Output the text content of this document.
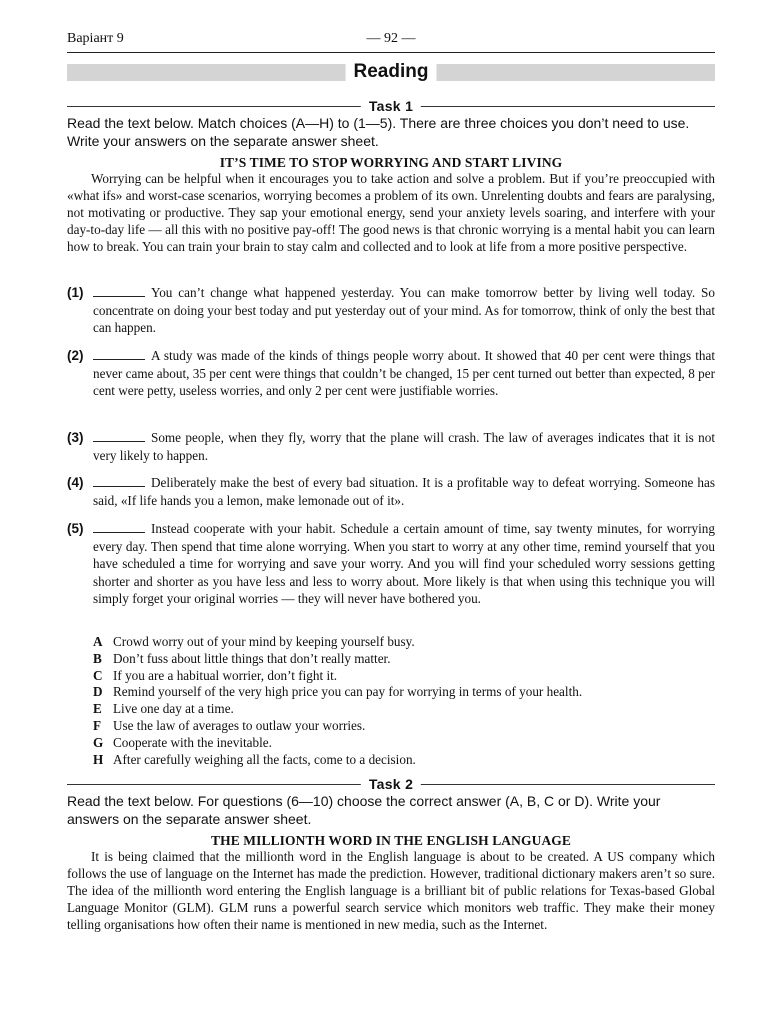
Варіант 9	— 92 —
Reading
Task 1
Read the text below. Match choices (A—H) to (1—5). There are three choices you don’t need to use. Write your answers on the separate answer sheet.
IT’S TIME TO STOP WORRYING AND START LIVING
Worrying can be helpful when it encourages you to take action and solve a problem. But if you’re preoccupied with «what ifs» and worst-case scenarios, worrying becomes a problem of its own. Unrelenting doubts and fears are paralysing, not motivating or productive. They sap your emotional energy, send your anxiety levels soaring, and interfere with your day-to-day life — all this with no positive pay-off! The good news is that chronic worrying is a mental habit you can learn how to break. You can train your brain to stay calm and collected and to look at life from a more positive perspective.
(1)	You can’t change what happened yesterday. You can make tomorrow better by living well today. So concentrate on doing your best today and put yesterday out of your mind. As for tomorrow, think of only the best that can happen.
(2)	A study was made of the kinds of things people worry about. It showed that 40 per cent were things that never came about, 35 per cent were things that couldn’t be changed, 15 per cent turned out better than expected, 8 per cent were petty, useless worries, and only 2 per cent were justifiable worries.
(3)	Some people, when they fly, worry that the plane will crash. The law of averages indicates that it is not very likely to happen.
(4)	Deliberately make the best of every bad situation. It is a profitable way to defeat worrying. Someone has said, «If life hands you a lemon, make lemonade out of it».
(5)	Instead cooperate with your habit. Schedule a certain amount of time, say twenty minutes, for worrying every day. Then spend that time alone worrying. When you start to worry at any other time, remind yourself that you have scheduled a time for worrying and save your worry. And you will find your scheduled worry sessions getting shorter and shorter as you have less and less to worry about. More likely is that when using this technique you will simply forget your original worries — they will never have bothered you.
A Crowd worry out of your mind by keeping yourself busy.
B Don’t fuss about little things that don’t really matter.
C If you are a habitual worrier, don’t fight it.
D Remind yourself of the very high price you can pay for worrying in terms of your health.
E Live one day at a time.
F Use the law of averages to outlaw your worries.
G Cooperate with the inevitable.
H After carefully weighing all the facts, come to a decision.
Task 2
Read the text below. For questions (6—10) choose the correct answer (A, B, C or D). Write your answers on the separate answer sheet.
THE MILLIONTH WORD IN THE ENGLISH LANGUAGE
It is being claimed that the millionth word in the English language is about to be created. A US company which follows the use of language on the Internet has made the prediction. However, traditional dictionary makers aren’t so sure. The idea of the millionth word entering the English language is a brilliant bit of public relations for Texas-based Global Language Monitor (GLM). GLM runs a powerful search service which monitors web traffic. They make their money telling organisations how often their name is mentioned in new media, such as the Internet.
